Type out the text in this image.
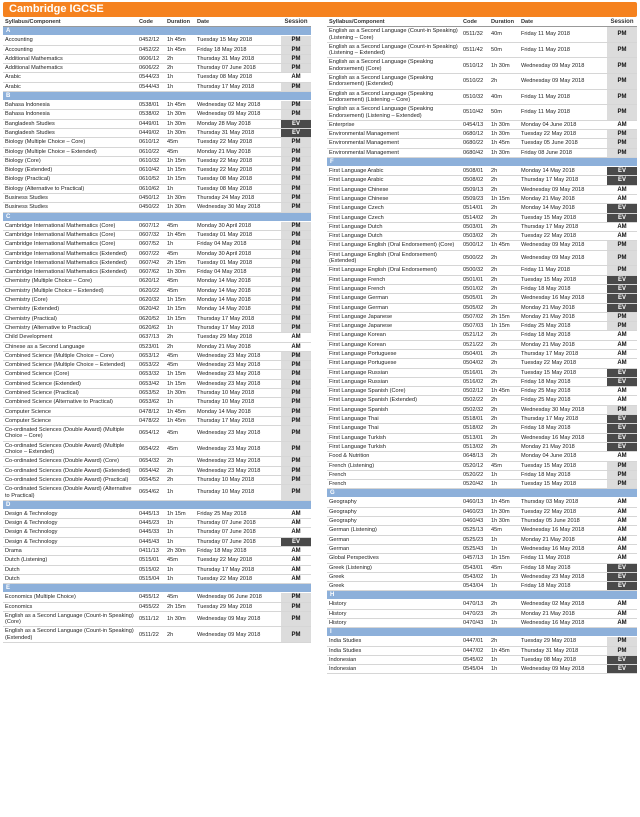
Cambridge IGCSE
Syllabus/Component	Code	Duration	Date	Session
A
Accounting	0452/12	1h 45m	Tuesday 15 May 2018	PM
Accounting	0452/22	1h 45m	Friday 18 May 2018	PM
Additional Mathematics	0606/12	2h	Thursday 31 May 2018	PM
Additional Mathematics	0606/22	2h	Thursday 07 June 2018	PM
Arabic	0544/23	1h	Tuesday 08 May 2018	AM
Arabic	0544/43	1h	Thursday 17 May 2018	PM
B
Bahasa Indonesia	0538/01	1h 45m	Wednesday 02 May 2018	PM
Bahasa Indonesia	0538/02	1h 30m	Wednesday 09 May 2018	PM
Bangladesh Studies	0449/01	1h 30m	Monday 28 May 2018	EV
Bangladesh Studies	0449/02	1h 30m	Thursday 31 May 2018	EV
Biology (Multiple Choice – Core)	0610/12	45m	Tuesday 22 May 2018	PM
Biology (Multiple Choice – Extended)	0610/22	45m	Monday 21 May 2018	PM
Biology (Core)	0610/32	1h 15m	Tuesday 22 May 2018	PM
Biology (Extended)	0610/42	1h 15m	Tuesday 22 May 2018	PM
Biology (Practical)	0610/52	1h 15m	Tuesday 08 May 2018	PM
Biology (Alternative to Practical)	0610/62	1h	Tuesday 08 May 2018	PM
Business Studies	0450/12	1h 30m	Thursday 24 May 2018	PM
Business Studies	0450/22	1h 30m	Wednesday 30 May 2018	PM
C
Cambridge International Mathematics (Core)	0607/12	45m	Monday 30 April 2018	PM
Cambridge International Mathematics (Core)	0607/32	1h 45m	Tuesday 01 May 2018	PM
Cambridge International Mathematics (Core)	0607/52	1h	Friday 04 May 2018	PM
Cambridge International Mathematics (Extended)	0607/22	45m	Monday 30 April 2018	PM
Cambridge International Mathematics (Extended)	0607/42	2h 15m	Tuesday 01 May 2018	PM
Cambridge International Mathematics (Extended)	0607/62	1h 30m	Friday 04 May 2018	PM
Chemistry (Multiple Choice – Core)	0620/12	45m	Monday 14 May 2018	PM
Chemistry (Multiple Choice – Extended)	0620/22	45m	Monday 14 May 2018	PM
Chemistry (Core)	0620/32	1h 15m	Monday 14 May 2018	PM
Chemistry (Extended)	0620/42	1h 15m	Monday 14 May 2018	PM
Chemistry (Practical)	0620/52	1h 15m	Thursday 17 May 2018	PM
Chemistry (Alternative to Practical)	0620/62	1h	Thursday 17 May 2018	PM
Child Development	0637/13	2h	Tuesday 29 May 2018	AM
Chinese as a Second Language	0523/01	2h	Monday 21 May 2018	AM
Combined Science (Multiple Choice – Core)	0653/12	45m	Wednesday 23 May 2018	PM
Combined Science (Multiple Choice – Extended)	0653/22	45m	Wednesday 23 May 2018	PM
Combined Science (Core)	0653/32	1h 15m	Wednesday 23 May 2018	PM
Combined Science (Extended)	0653/42	1h 15m	Wednesday 23 May 2018	PM
Combined Science (Practical)	0653/52	1h 30m	Thursday 10 May 2018	PM
Combined Science (Alternative to Practical)	0653/62	1h	Thursday 10 May 2018	PM
Computer Science	0478/12	1h 45m	Monday 14 May 2018	PM
Computer Science	0478/22	1h 45m	Thursday 17 May 2018	PM
Co-ordinated Sciences (Double Award) (Multiple Choice – Core)
0654/12	45m	Wednesday 23 May 2018	PM
Co-ordinated Sciences (Double Award) (Multiple Choice – Extended)
0654/22	45m	Wednesday 23 May 2018	PM
Co-ordinated Sciences (Double Award) (Core)	0654/32	2h	Wednesday 23 May 2018	PM
Co-ordinated Sciences (Double Award) (Extended)	0654/42	2h	Wednesday 23 May 2018	PM
Co-ordinated Sciences (Double Award) (Practical)	0654/52	2h	Thursday 10 May 2018	PM
Co-ordinated Sciences (Double Award) (Alternative to Practical)
0654/62	1h	Thursday 10 May 2018	PM
D
Design & Technology	0445/13	1h 15m	Friday 25 May 2018	AM
Design & Technology	0445/23	1h	Thursday 07 June 2018	AM
Design & Technology	0445/33	1h	Thursday 07 June 2018	AM
Design & Technology	0445/43	1h	Thursday 07 June 2018	EV
Drama	0411/13	2h 30m	Friday 18 May 2018	AM
Dutch (Listening)	0515/01	45m	Tuesday 22 May 2018	AM
Dutch	0515/02	1h	Thursday 17 May 2018	AM
Dutch	0515/04	1h	Tuesday 22 May 2018	AM
E
Economics (Multiple Choice)	0455/12	45m	Wednesday 06 June 2018	PM
Economics	0455/22	2h 15m	Tuesday 29 May 2018	PM
English as a Second Language (Count-in Speaking) (Core)
0511/12	1h 30m	Wednesday 09 May 2018	PM
English as a Second Language (Count-in Speaking) (Extended)
0511/22	2h	Wednesday 09 May 2018	PM
Syllabus/Component	Code	Duration	Date	Session
English as a Second Language (Count-in Speaking) (Listening – Core)
0511/32	40m	Friday 11 May 2018	PM
English as a Second Language (Count-in Speaking) (Listening – Extended)
0511/42	50m	Friday 11 May 2018	PM
English as a Second Language (Speaking Endorsement) (Core)
0510/12	1h 30m	Wednesday 09 May 2018	PM
English as a Second Language (Speaking Endorsement) (Extended)
0510/22	2h	Wednesday 09 May 2018	PM
English as a Second Language (Speaking Endorsement) (Listening – Core)
0510/32	40m	Friday 11 May 2018	PM
English as a Second Language (Speaking Endorsement) (Listening – Extended)
0510/42	50m	Friday 11 May 2018	PM
Enterprise	0454/13	1h 30m	Monday 04 June 2018	AM
Environmental Management	0680/12	1h 30m	Tuesday 22 May 2018	PM
Environmental Management	0680/22	1h 45m	Tuesday 05 June 2018	PM
Environmental Management	0680/42	1h 30m	Friday 08 June 2018	PM
F
First Language Arabic	0508/01	2h	Monday 14 May 2018	EV
First Language Arabic	0508/02	2h	Thursday 17 May 2018	EV
First Language Chinese	0509/13	2h	Wednesday 09 May 2018	AM
First Language Chinese	0509/23	1h 15m	Monday 21 May 2018	AM
First Language Czech	0514/01	2h	Monday 14 May 2018	EV
First Language Czech	0514/02	2h	Tuesday 15 May 2018	EV
First Language Dutch	0503/01	2h	Thursday 17 May 2018	AM
First Language Dutch	0503/02	2h	Tuesday 22 May 2018	AM
First Language English (Oral Endorsement) (Core)	0500/12	1h 45m	Wednesday 09 May 2018	PM
First Language English (Oral Endorsement) (Extended)
0500/22	2h	Wednesday 09 May 2018	PM
First Language English (Oral Endorsement)	0500/32	2h	Friday 11 May 2018	PM
First Language French	0501/01	2h	Tuesday 15 May 2018	EV
First Language French	0501/02	2h	Friday 18 May 2018	EV
First Language German	0505/01	2h	Wednesday 16 May 2018	EV
First Language German	0505/02	2h	Monday 21 May 2018	EV
First Language Japanese	0507/02	2h 15m	Monday 21 May 2018	PM
First Language Japanese	0507/03	1h 15m	Friday 25 May 2018	PM
First Language Korean	0521/12	2h	Friday 18 May 2018	AM
First Language Korean	0521/22	2h	Monday 21 May 2018	AM
First Language Portuguese	0504/01	2h	Thursday 17 May 2018	AM
First Language Portuguese	0504/02	2h	Tuesday 22 May 2018	AM
First Language Russian	0516/01	2h	Tuesday 15 May 2018	EV
First Language Russian	0516/02	2h	Friday 18 May 2018	EV
First Language Spanish (Core)	0502/12	1h 45m	Friday 25 May 2018	AM
First Language Spanish (Extended)	0502/22	2h	Friday 25 May 2018	AM
First Language Spanish	0502/32	2h	Wednesday 30 May 2018	PM
First Language Thai	0518/01	2h	Thursday 17 May 2018	EV
First Language Thai	0518/02	2h	Friday 18 May 2018	EV
First Language Turkish	0513/01	2h	Wednesday 16 May 2018	EV
First Language Turkish	0513/02	2h	Monday 21 May 2018	EV
Food & Nutrition	0648/13	2h	Monday 04 June 2018	AM
French (Listening)	0520/12	45m	Tuesday 15 May 2018	PM
French	0520/22	1h	Friday 18 May 2018	PM
French	0520/42	1h	Tuesday 15 May 2018	PM
G
Geography	0460/13	1h 45m	Thursday 03 May 2018	AM
Geography	0460/23	1h 30m	Tuesday 22 May 2018	AM
Geography	0460/43	1h 30m	Thursday 05 June 2018	AM
German (Listening)	0525/13	45m	Wednesday 16 May 2018	AM
German	0525/23	1h	Monday 21 May 2018	AM
German	0525/43	1h	Wednesday 16 May 2018	AM
Global Perspectives	0457/13	1h 15m	Friday 11 May 2018	AM
Greek (Listening)	0543/01	45m	Friday 18 May 2018	EV
Greek	0543/02	1h	Wednesday 23 May 2018	EV
Greek	0543/04	1h	Friday 18 May 2018	EV
H
History	0470/13	2h	Wednesday 02 May 2018	AM
History	0470/23	2h	Monday 21 May 2018	AM
History	0470/43	1h	Wednesday 16 May 2018	AM
I
India Studies	0447/01	2h	Tuesday 29 May 2018	PM
India Studies	0447/02	1h 45m	Thursday 31 May 2018	PM
Indonesian	0545/02	1h	Tuesday 08 May 2018	EV
Indonesian	0545/04	1h	Wednesday 09 May 2018	EV
